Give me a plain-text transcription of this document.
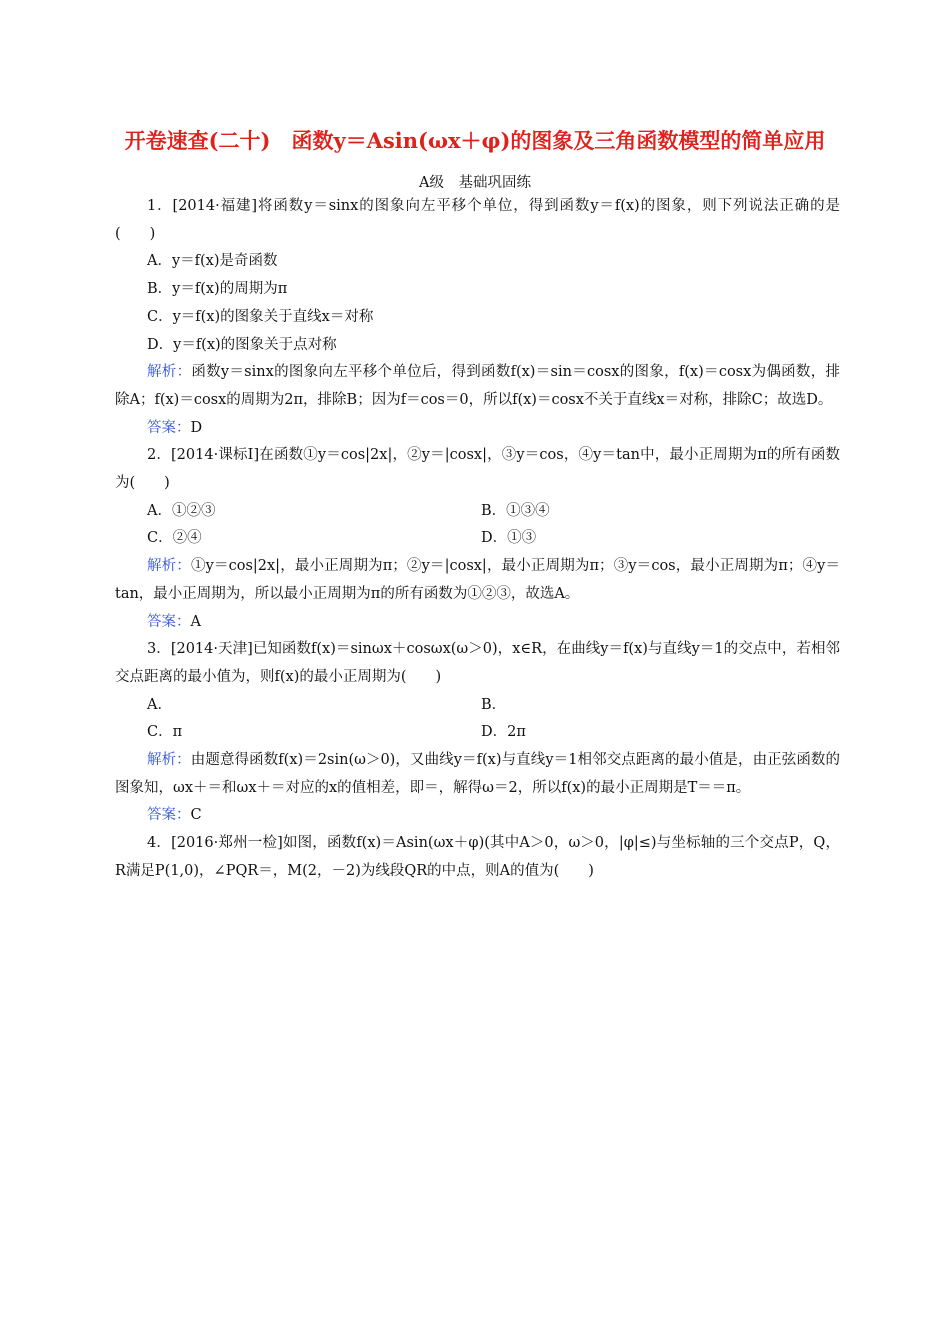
开卷速查(二十)　函数y＝Asin(ωx＋φ)的图象及三角函数模型的简单应用
A级　基础巩固练

1．[2014·福建]将函数y＝sinx的图象向左平移个单位，得到函数y＝f(x)的图象，则下列说法正确的是(　　)

A．y＝f(x)是奇函数

B．y＝f(x)的周期为π

C．y＝f(x)的图象关于直线x＝对称

D．y＝f(x)的图象关于点对称

解析：函数y＝sinx的图象向左平移个单位后，得到函数f(x)＝sin＝cosx的图象，f(x)＝cosx为偶函数，排除A；f(x)＝cosx的周期为2π，排除B；因为f＝cos＝0，所以f(x)＝cosx不关于直线x＝对称，排除C；故选D。

答案：D

2．[2014·课标Ⅰ]在函数①y＝cos|2x|，②y＝|cosx|，③y＝cos，④y＝tan中，最小正周期为π的所有函数为(　　)

A．①②③	B．①③④
C．②④	D．①③

解析：①y＝cos|2x|，最小正周期为π；②y＝|cosx|，最小正周期为π；③y＝cos，最小正周期为π；④y＝tan，最小正周期为，所以最小正周期为π的所有函数为①②③，故选A。

答案：A

3．[2014·天津]已知函数f(x)＝sinωx＋cosωx(ω＞0)，x∈R，在曲线y＝f(x)与直线y＝1的交点中，若相邻交点距离的最小值为，则f(x)的最小正周期为(　　)

A．	B．
C．π	D．2π

解析：由题意得函数f(x)＝2sin(ω＞0)，又曲线y＝f(x)与直线y＝1相邻交点距离的最小值是，由正弦函数的图象知，ωx＋＝和ωx＋＝对应的x的值相差，即＝，解得ω＝2，所以f(x)的最小正周期是T＝＝π。

答案：C

4．[2016·郑州一检]如图，函数f(x)＝Asin(ωx＋φ)(其中A＞0，ω＞0，|φ|≤)与坐标轴的三个交点P，Q，R满足P(1,0)，∠PQR＝，M(2，－2)为线段QR的中点，则A的值为(　　)
